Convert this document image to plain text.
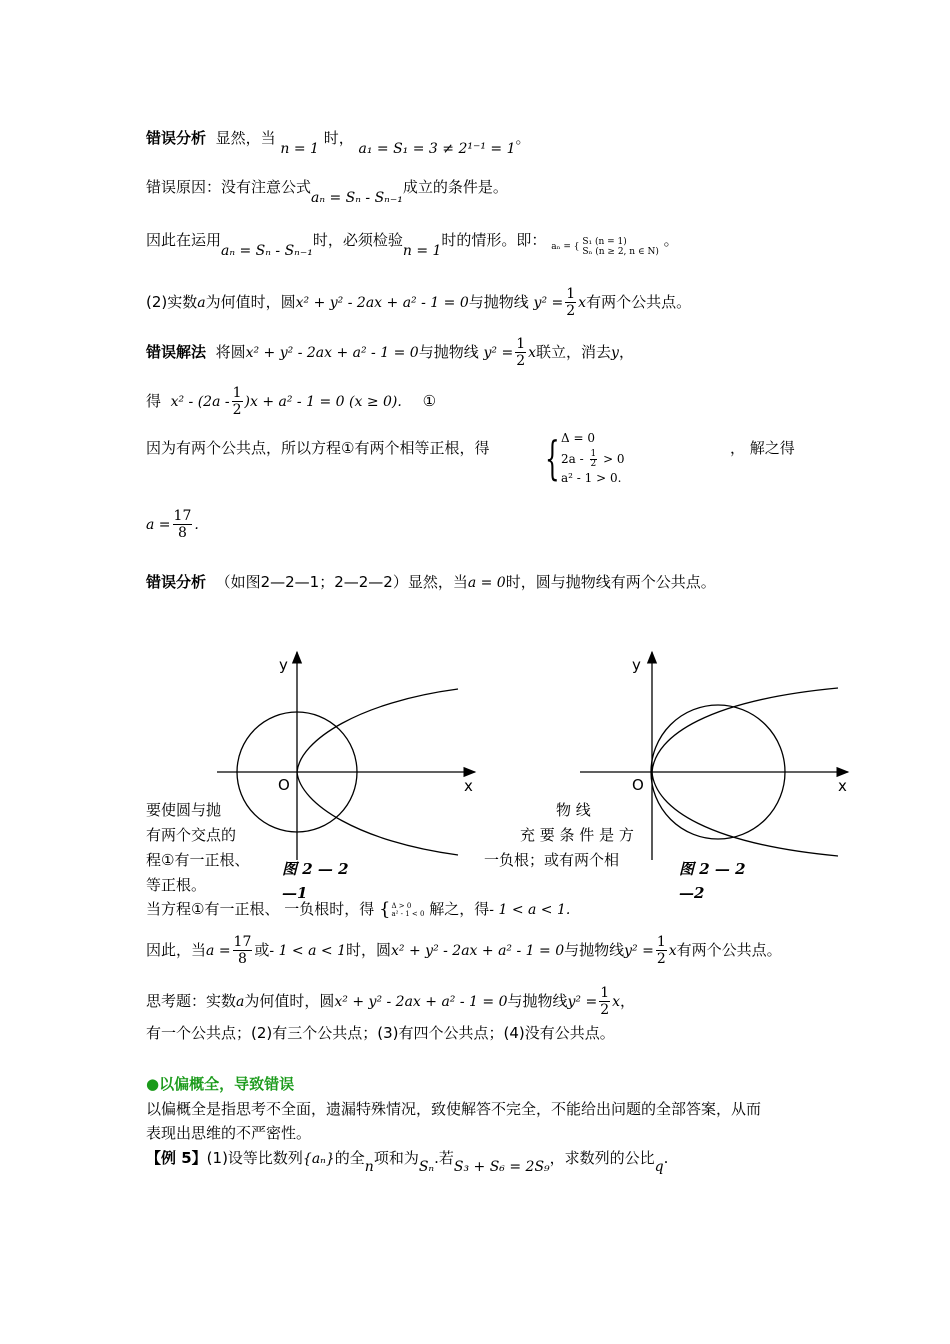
错误分析 显然，当 n = 1 时， a₁ = S₁ = 3 ≠ 2¹⁻¹ = 1。
错误原因：没有注意公式aₙ = Sₙ - Sₙ₋₁成立的条件是。
因此在运用aₙ = Sₙ - Sₙ₋₁时，必须检验n = 1时的情形。即： aₙ = { S₁ (n = 1)
Sₙ (n ≥ 2, n ∈ N)
。
(2)实数a为何值时，圆x² + y² - 2ax + a² - 1 = 0与抛物线 $y^2 = \frac{1}{2}$ x有两个公共点。
错误解法 将圆x² + y² - 2ax + a² - 1 = 0与抛物线 $y^2 = \frac{1}{2}$ x联立，消去y，
得 $x^2 - (2a - \frac{1}{2} )x + a^2 - 1 = 0$ (x ≥ 0). ①
因为有两个公共点，所以方程①有两个相等正根，得 { Δ = 0
$2a - \frac{1}{2} > 0$
a² - 1 > 0.
， 解之得
$a = \frac{17}{8}$ .
错误分析 （如图2—2—1；2—2—2）显然，当a = 0时，圆与抛物线有两个公共点。
y
x
O
y
x
O
要使圆与抛	物 线
有两个交点的	充 要 条 件 是 方
程①有一正根、	一负根；或有两个相
等正根。
图 2 — 2
—1
图 2 — 2
—2
当方程①有一正根、 一负根时，得 { Δ > 0
a² - 1 < 0 解之，得- 1 < a < 1.
因此，当$a = \frac{17}{8}$ 或- 1 < a < 1时，圆x² + y² - 2ax + a² - 1 = 0与抛物线$y^2 = \frac{1}{2}$ x有两个公共点。
思考题：实数a为何值时，圆x² + y² - 2ax + a² - 1 = 0与抛物线$y^2 = \frac{1}{2}$ x，
有一个公共点；(2)有三个公共点；(3)有四个公共点；(4)没有公共点。
●以偏概全，导致错误
以偏概全是指思考不全面，遗漏特殊情况，致使解答不完全，不能给出问题的全部答案，从而
表现出思维的不严密性。
【例 5】(1)设等比数列{aₙ}的全n项和为Sₙ.若S₃ + S₆ = 2S₉，求数列的公比q.
